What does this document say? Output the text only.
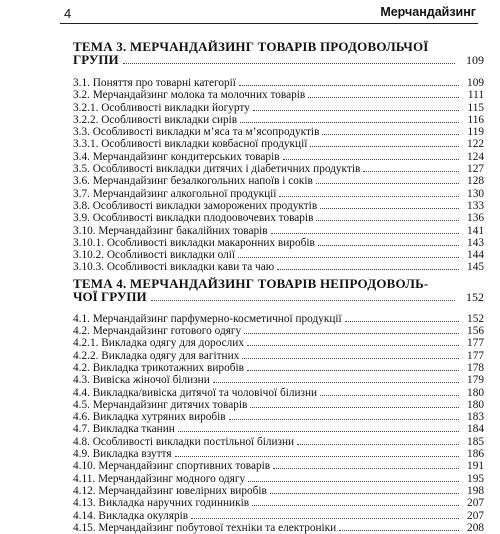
4	Мерчандайзинг
ТЕМА 3. МЕРЧАНДАЙЗИНГ ТОВАРІВ ПРОДОВОЛЬЧОЇ
ГРУПИ	109
3.1. Поняття про товарні категорії	109
3.2. Мерчандайзинг молока та молочних товарів	111
3.2.1. Особливості викладки йогурту	115
3.2.2. Особливості викладки сирів	116
3.3. Особливості викладки м’яса та м’ясопродуктів	119
3.3.1. Особливості викладки ковбасної продукції	122
3.4. Мерчандайзинг кондитерських товарів	124
3.5. Особливості викладки дитячих і діабетичних продуктів	127
3.6. Мерчандайзинг безалкогольних напоїв і соків	128
3.7. Мерчандайзинг алкогольної продукції	130
3.8. Особливості викладки заморожених продуктів	133
3.9. Особливості викладки плодоовочевих товарів	136
3.10. Мерчандайзинг бакалійних товарів	141
3.10.1. Особливості викладки макаронних виробів	143
3.10.2. Особливості викладки олії	144
3.10.3. Особливості викладки кави та чаю	145
ТЕМА 4. МЕРЧАНДАЙЗИНГ ТОВАРІВ НЕПРОДОВОЛЬ-
ЧОЇ ГРУПИ	152
4.1. Мерчандайзинг парфумерно-косметичної продукції	152
4.2. Мерчандайзинг готового одягу	156
4.2.1. Викладка одягу для дорослих	177
4.2.2. Викладка одягу для вагітних	177
4.2. Викладка трикотажних виробів	178
4.3. Вивіска жіночої білизни	179
4.4. Викладка/вивіска дитячої та чоловічої білизни	180
4.5. Мерчандайзинг дитячих товарів	180
4.6. Викладка хутряних виробів	183
4.7. Викладка тканин	184
4.8. Особливості викладки постільної білизни	185
4.9. Викладка взуття	186
4.10. Мерчандайзинг спортивних товарів	191
4.11. Мерчандайзинг модного одягу	195
4.12. Мерчандайзинг ювелірних виробів	198
4.13. Викладка наручних годинників	207
4.14. Викладка окулярів	207
4.15. Мерчандайзинг побутової техніки та електроніки	208
